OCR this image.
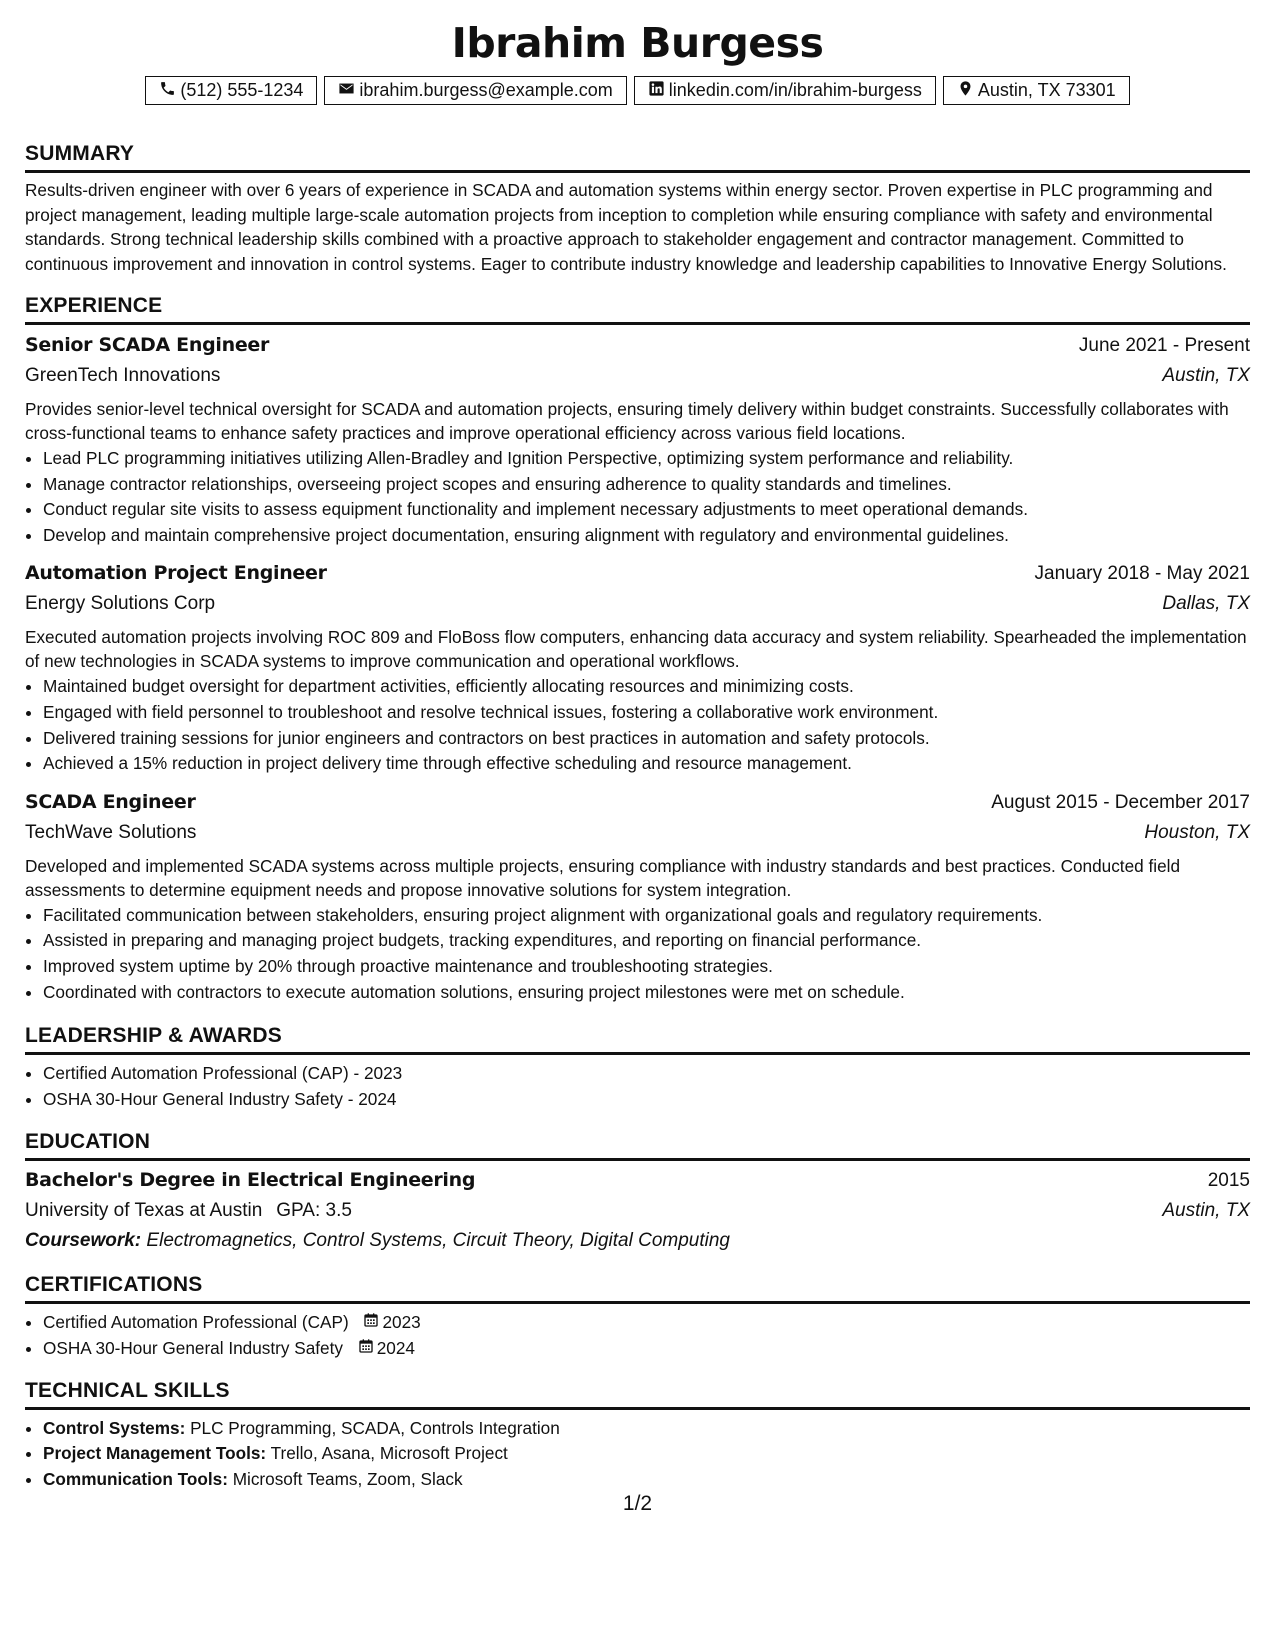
Ibrahim Burgess
(512) 555-1234	ibrahim.burgess@example.com	linkedin.com/in/ibrahim-burgess	Austin, TX 73301
SUMMARY
Results-driven engineer with over 6 years of experience in SCADA and automation systems within energy sector. Proven expertise in PLC programming and project management, leading multiple large-scale automation projects from inception to completion while ensuring compliance with safety and environmental standards. Strong technical leadership skills combined with a proactive approach to stakeholder engagement and contractor management. Committed to continuous improvement and innovation in control systems. Eager to contribute industry knowledge and leadership capabilities to Innovative Energy Solutions.
EXPERIENCE
Senior SCADA Engineer	June 2021 - Present
GreenTech Innovations	Austin, TX
Provides senior-level technical oversight for SCADA and automation projects, ensuring timely delivery within budget constraints. Successfully collaborates with cross-functional teams to enhance safety practices and improve operational efficiency across various field locations.
• Lead PLC programming initiatives utilizing Allen-Bradley and Ignition Perspective, optimizing system performance and reliability.
• Manage contractor relationships, overseeing project scopes and ensuring adherence to quality standards and timelines.
• Conduct regular site visits to assess equipment functionality and implement necessary adjustments to meet operational demands.
• Develop and maintain comprehensive project documentation, ensuring alignment with regulatory and environmental guidelines.
Automation Project Engineer	January 2018 - May 2021
Energy Solutions Corp	Dallas, TX
Executed automation projects involving ROC 809 and FloBoss flow computers, enhancing data accuracy and system reliability. Spearheaded the implementation of new technologies in SCADA systems to improve communication and operational workflows.
• Maintained budget oversight for department activities, efficiently allocating resources and minimizing costs.
• Engaged with field personnel to troubleshoot and resolve technical issues, fostering a collaborative work environment.
• Delivered training sessions for junior engineers and contractors on best practices in automation and safety protocols.
• Achieved a 15% reduction in project delivery time through effective scheduling and resource management.
SCADA Engineer	August 2015 - December 2017
TechWave Solutions	Houston, TX
Developed and implemented SCADA systems across multiple projects, ensuring compliance with industry standards and best practices. Conducted field assessments to determine equipment needs and propose innovative solutions for system integration.
• Facilitated communication between stakeholders, ensuring project alignment with organizational goals and regulatory requirements.
• Assisted in preparing and managing project budgets, tracking expenditures, and reporting on financial performance.
• Improved system uptime by 20% through proactive maintenance and troubleshooting strategies.
• Coordinated with contractors to execute automation solutions, ensuring project milestones were met on schedule.
LEADERSHIP & AWARDS
• Certified Automation Professional (CAP) - 2023
• OSHA 30-Hour General Industry Safety - 2024
EDUCATION
Bachelor's Degree in Electrical Engineering	2015
University of Texas at Austin GPA: 3.5	Austin, TX
Coursework: Electromagnetics, Control Systems, Circuit Theory, Digital Computing
CERTIFICATIONS
• Certified Automation Professional (CAP) 2023
• OSHA 30-Hour General Industry Safety 2024
TECHNICAL SKILLS
• Control Systems: PLC Programming, SCADA, Controls Integration
• Project Management Tools: Trello, Asana, Microsoft Project
• Communication Tools: Microsoft Teams, Zoom, Slack
1/2
